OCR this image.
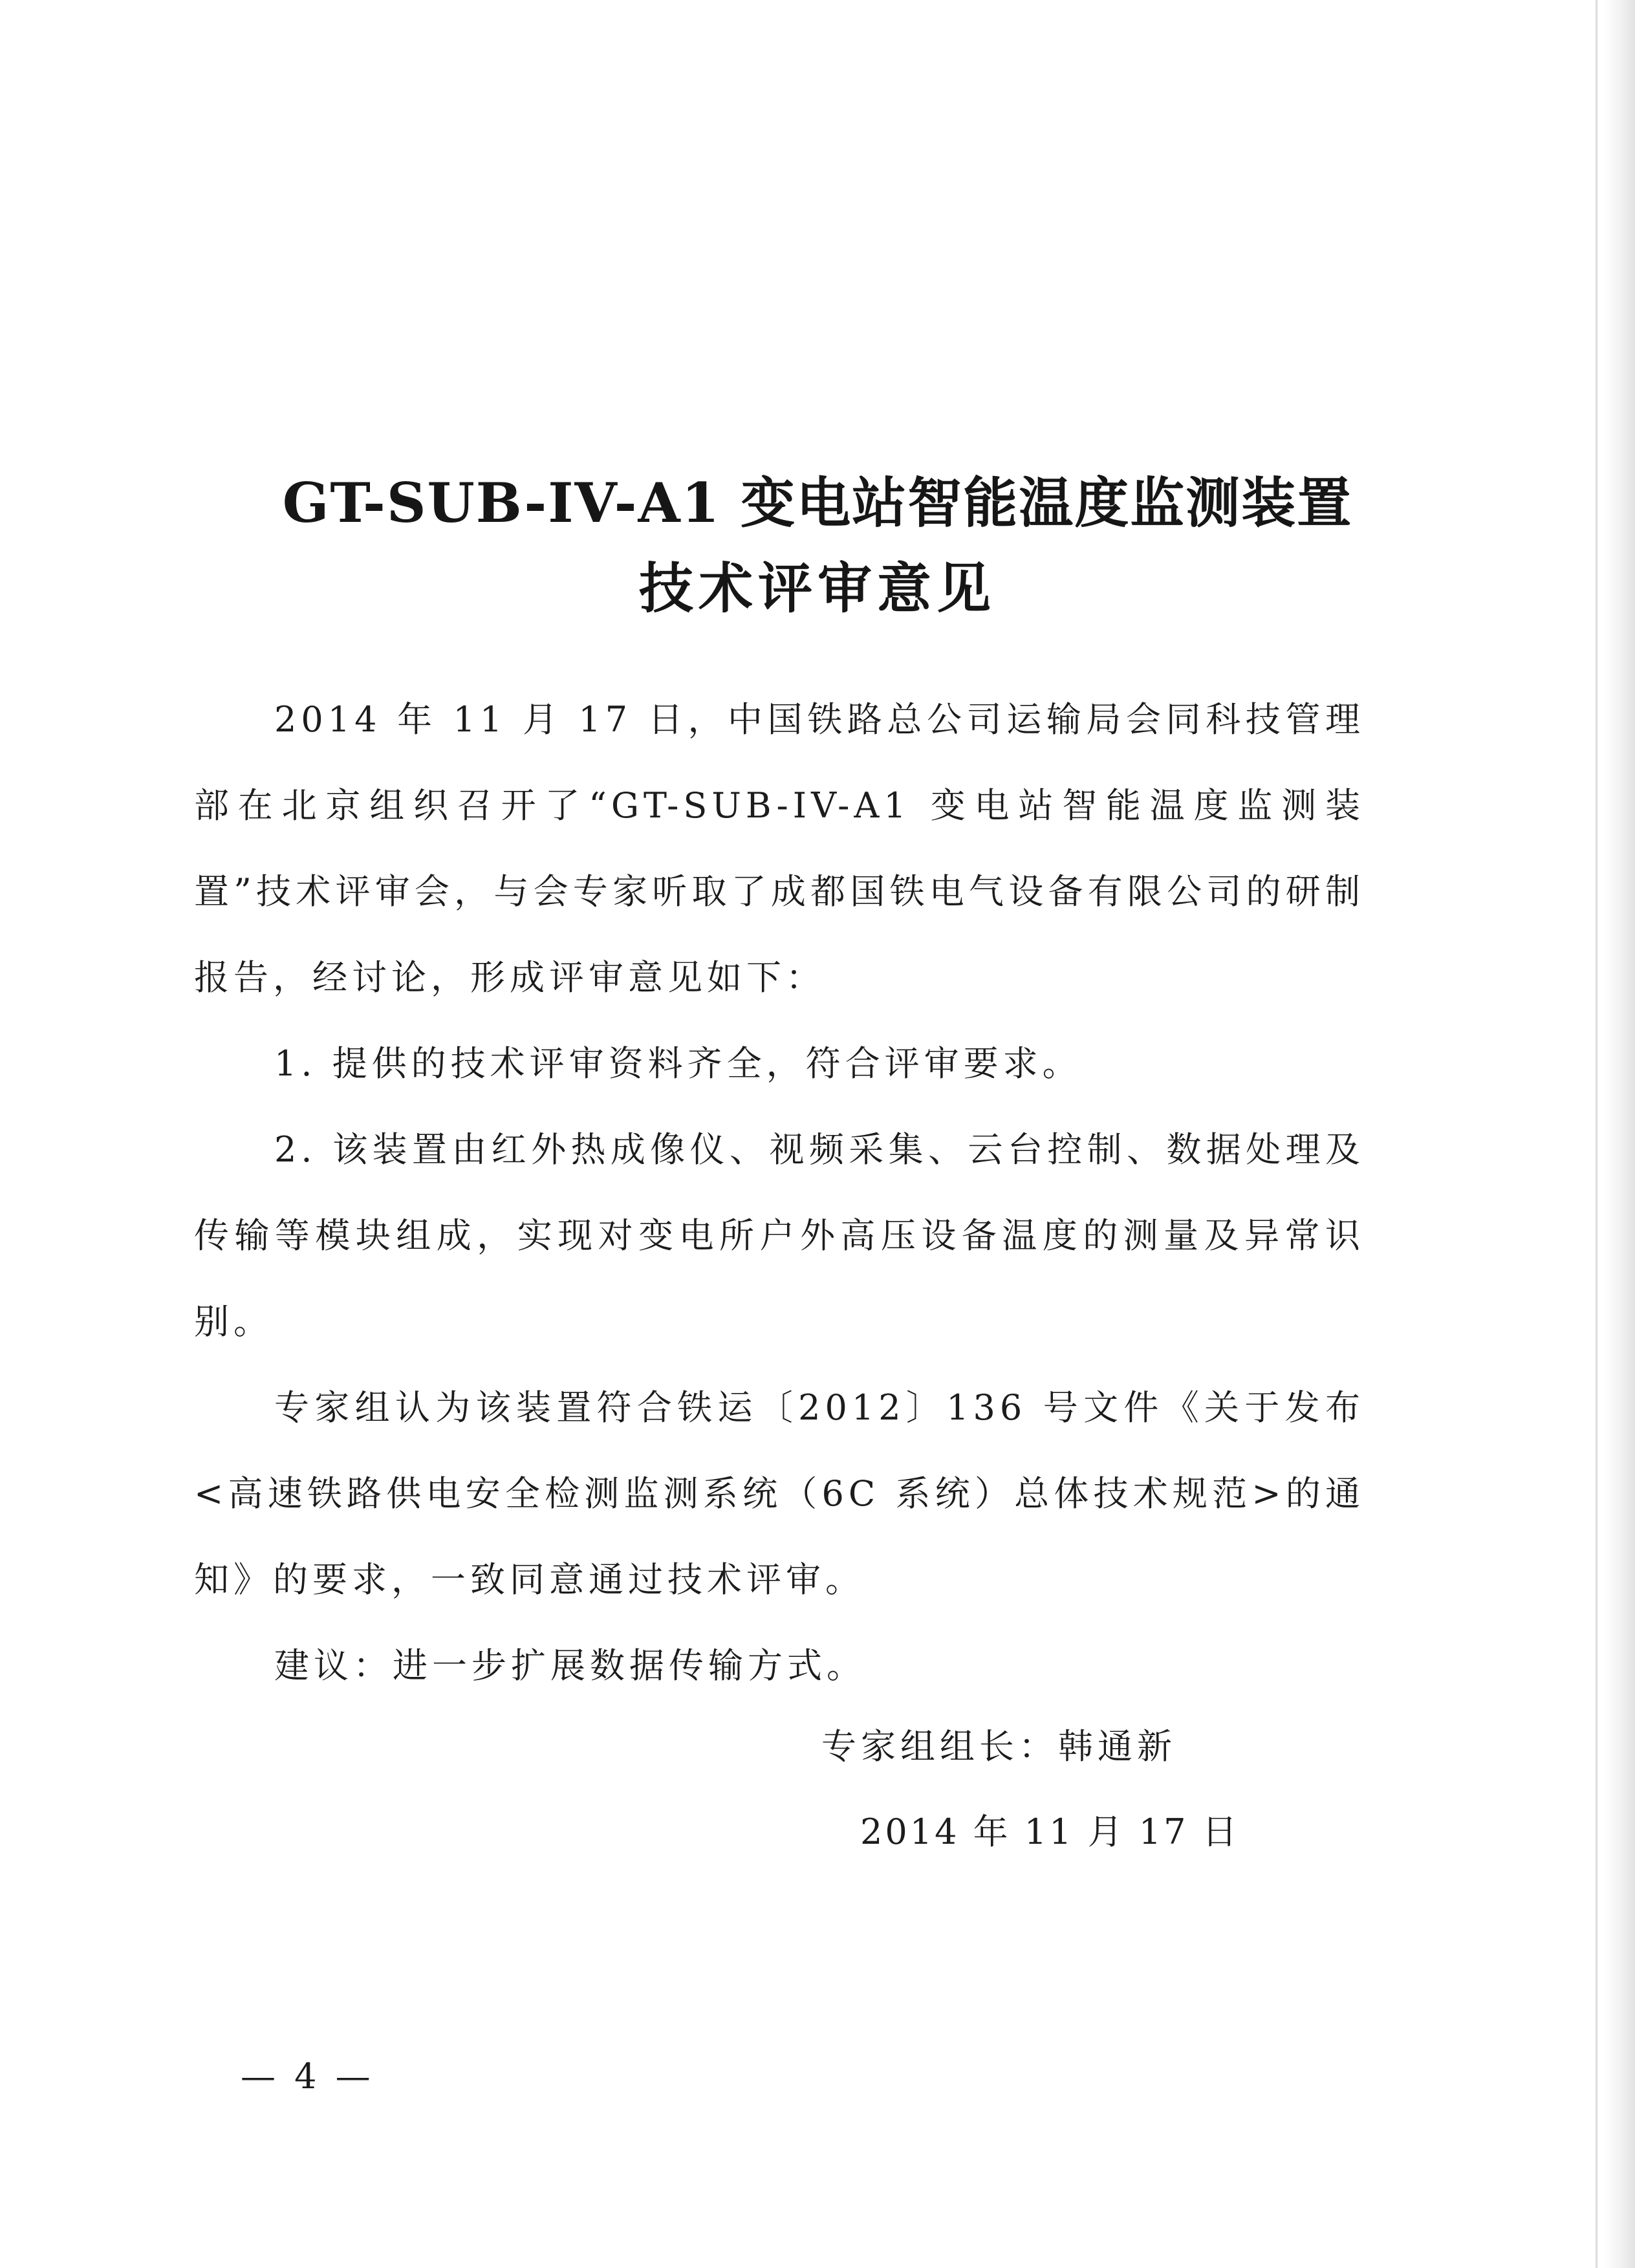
GT-SUB-IV-A1 变电站智能温度监测装置
技术评审意见

2014 年 11 月 17 日，中国铁路总公司运输局会同科技管理部在北京组织召开了“GT-SUB-IV-A1 变电站智能温度监测装置”技术评审会，与会专家听取了成都国铁电气设备有限公司的研制报告，经讨论，形成评审意见如下：

1. 提供的技术评审资料齐全，符合评审要求。

2. 该装置由红外热成像仪、视频采集、云台控制、数据处理及传输等模块组成，实现对变电所户外高压设备温度的测量及异常识别。

专家组认为该装置符合铁运〔2012〕136 号文件《关于发布<高速铁路供电安全检测监测系统（6C 系统）总体技术规范>的通知》的要求，一致同意通过技术评审。

建议：进一步扩展数据传输方式。

专家组组长：韩通新
2014 年 11 月 17 日
— 4 —
